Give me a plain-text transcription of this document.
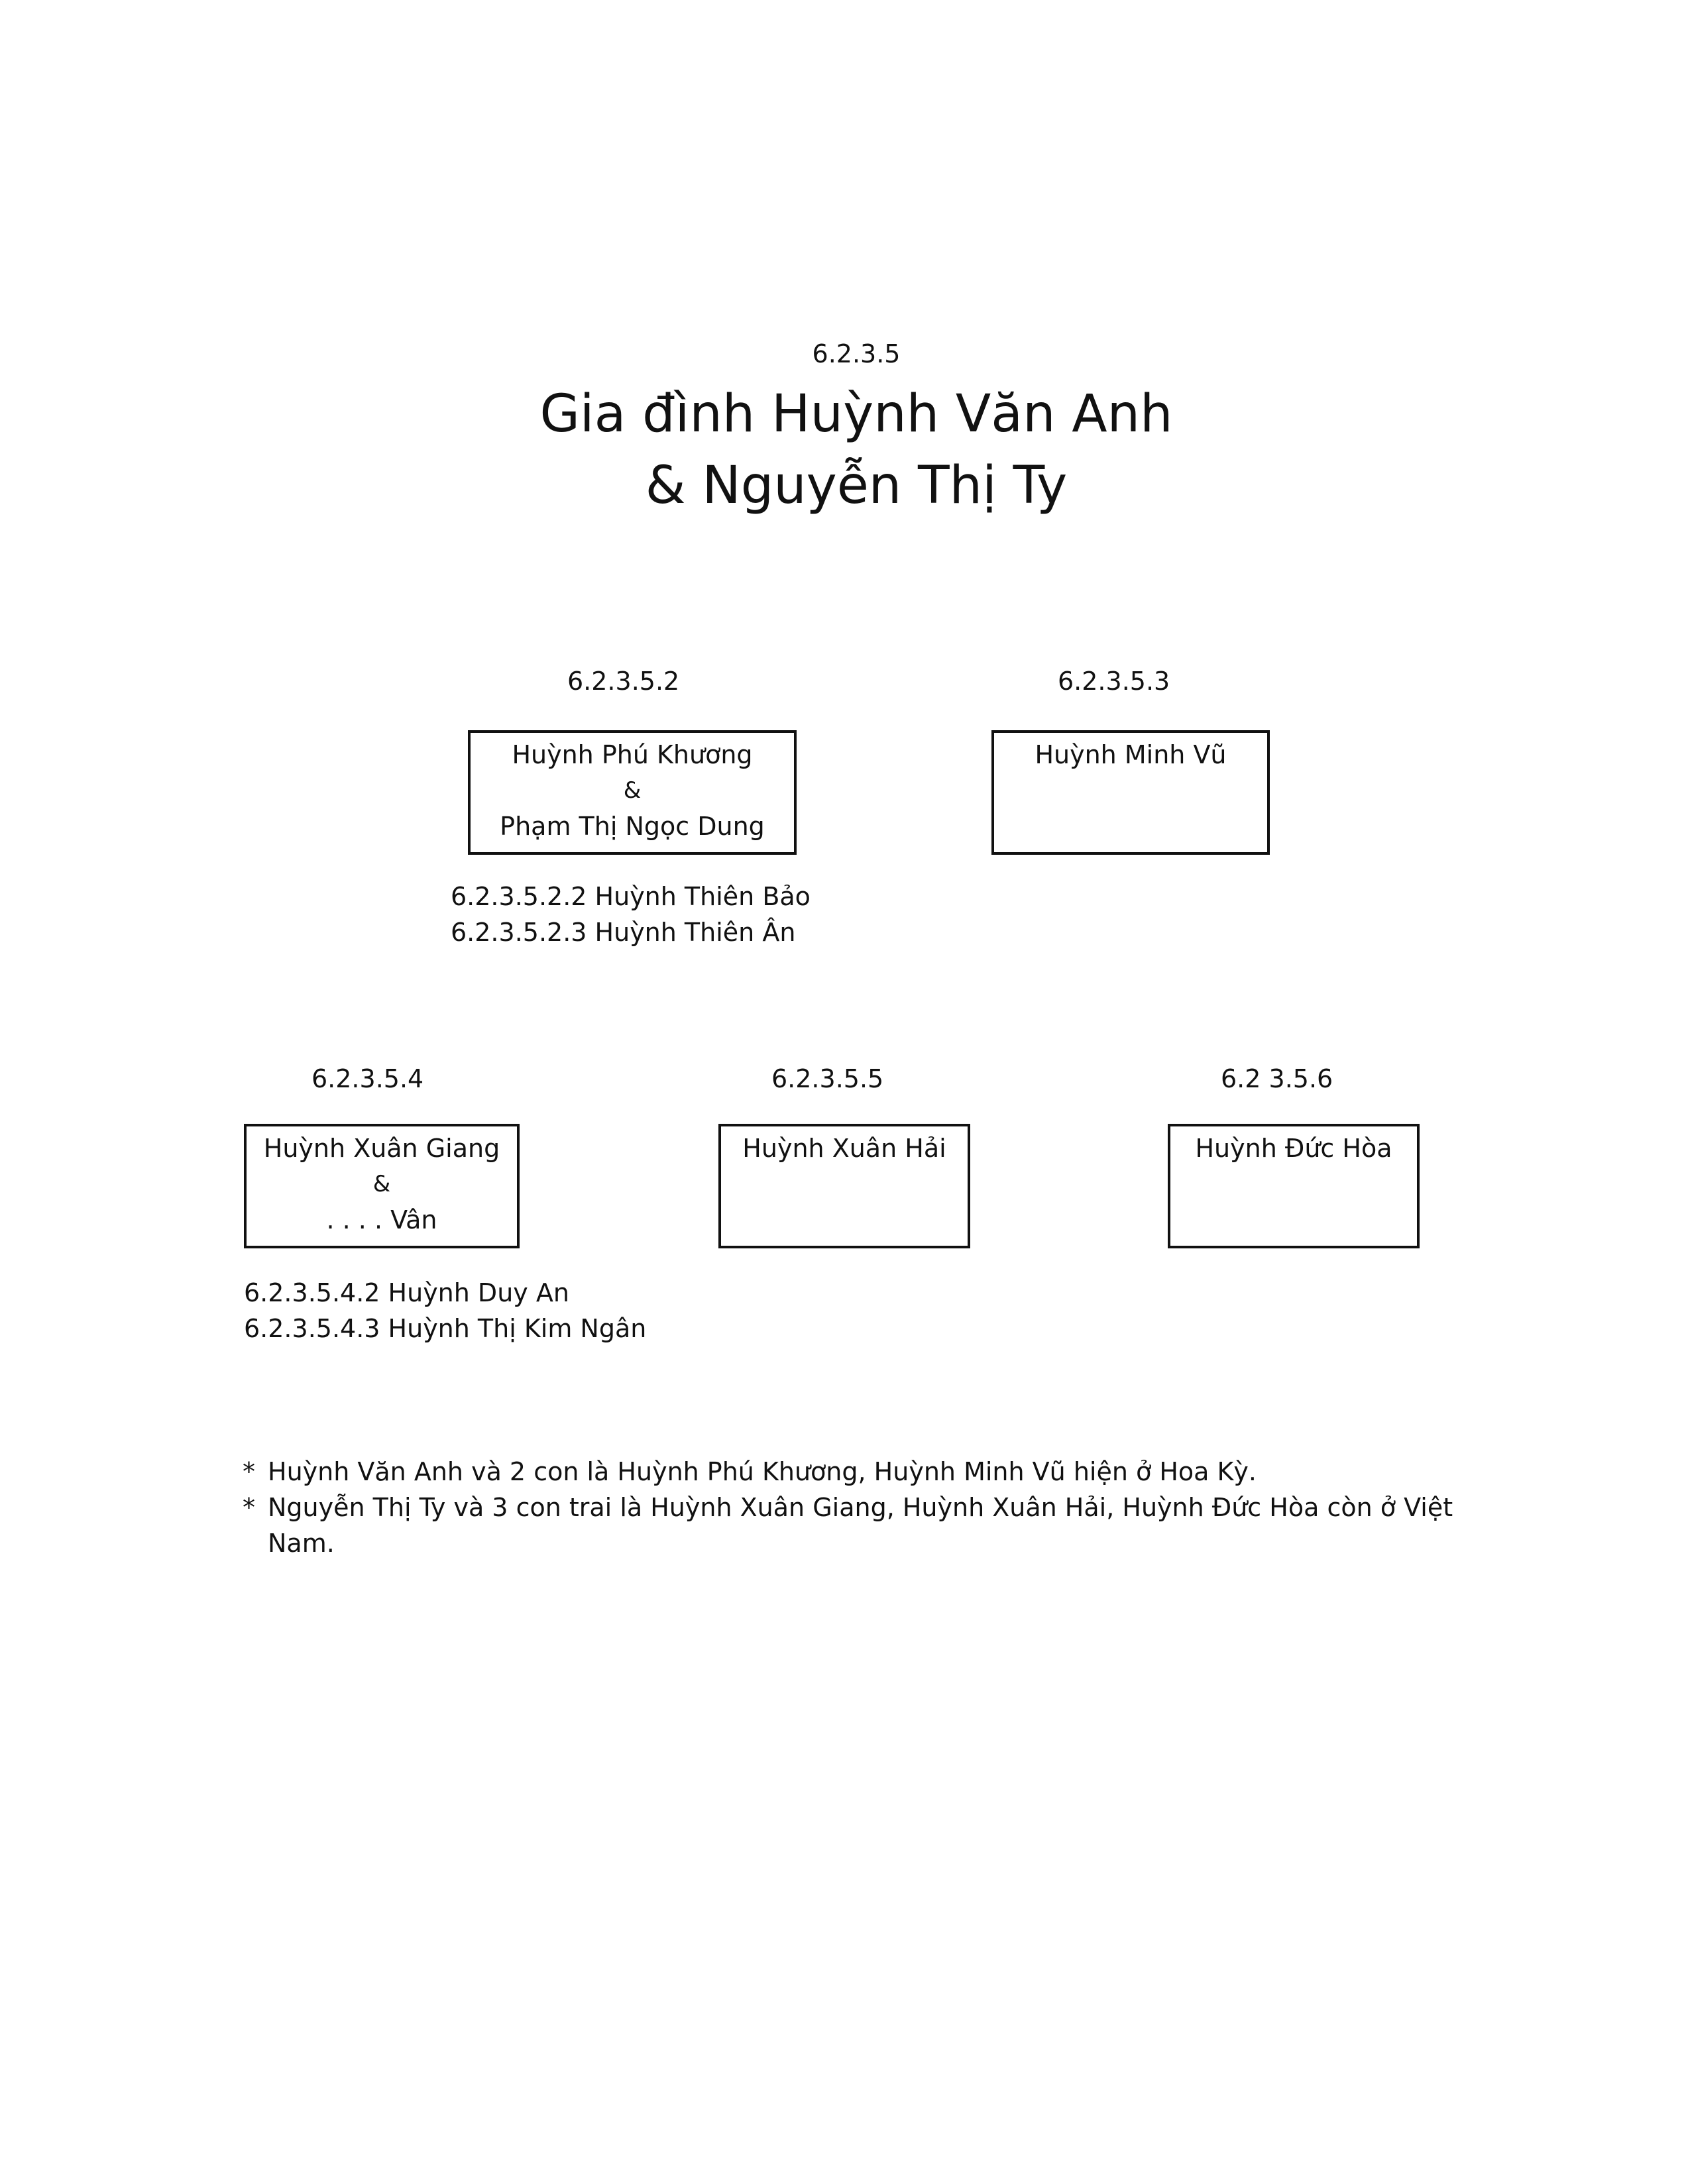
6.2.3.5
Gia đình Huỳnh Văn Anh
& Nguyễn Thị Ty
6.2.3.5.2
Huỳnh Phú Khương
&
Phạm Thị Ngọc Dung
6.2.3.5.2.2 Huỳnh Thiên Bảo
6.2.3.5.2.3 Huỳnh Thiên Ân
6.2.3.5.3
Huỳnh Minh Vũ
6.2.3.5.4
Huỳnh Xuân Giang
&
. . . . Vân
6.2.3.5.4.2 Huỳnh Duy An
6.2.3.5.4.3 Huỳnh Thị Kim Ngân
6.2.3.5.5
Huỳnh Xuân Hải
6.2 3.5.6
Huỳnh Đức Hòa
* Huỳnh Văn Anh và 2 con là Huỳnh Phú Khương, Huỳnh Minh Vũ hiện ở Hoa Kỳ.
* Nguyễn Thị Ty và 3 con trai là Huỳnh Xuân Giang, Huỳnh Xuân Hải, Huỳnh Đức Hòa còn ở Việt
Nam.
